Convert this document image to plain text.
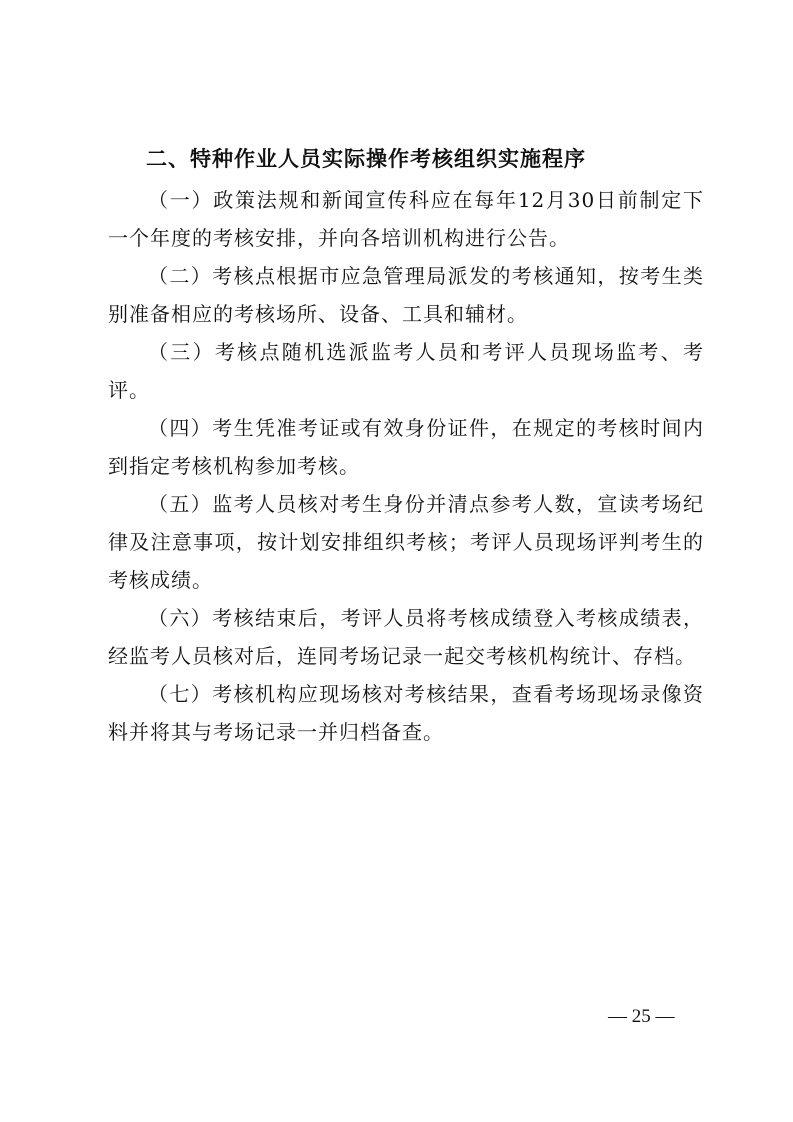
二、特种作业人员实际操作考核组织实施程序
（一）政策法规和新闻宣传科应在每年12月30日前制定下一个年度的考核安排，并向各培训机构进行公告。
（二）考核点根据市应急管理局派发的考核通知，按考生类别准备相应的考核场所、设备、工具和辅材。
（三）考核点随机选派监考人员和考评人员现场监考、考评。
（四）考生凭准考证或有效身份证件，在规定的考核时间内到指定考核机构参加考核。
（五）监考人员核对考生身份并清点参考人数，宣读考场纪律及注意事项，按计划安排组织考核；考评人员现场评判考生的考核成绩。
（六）考核结束后，考评人员将考核成绩登入考核成绩表，经监考人员核对后，连同考场记录一起交考核机构统计、存档。
（七）考核机构应现场核对考核结果，查看考场现场录像资料并将其与考场记录一并归档备查。
— 25 —
